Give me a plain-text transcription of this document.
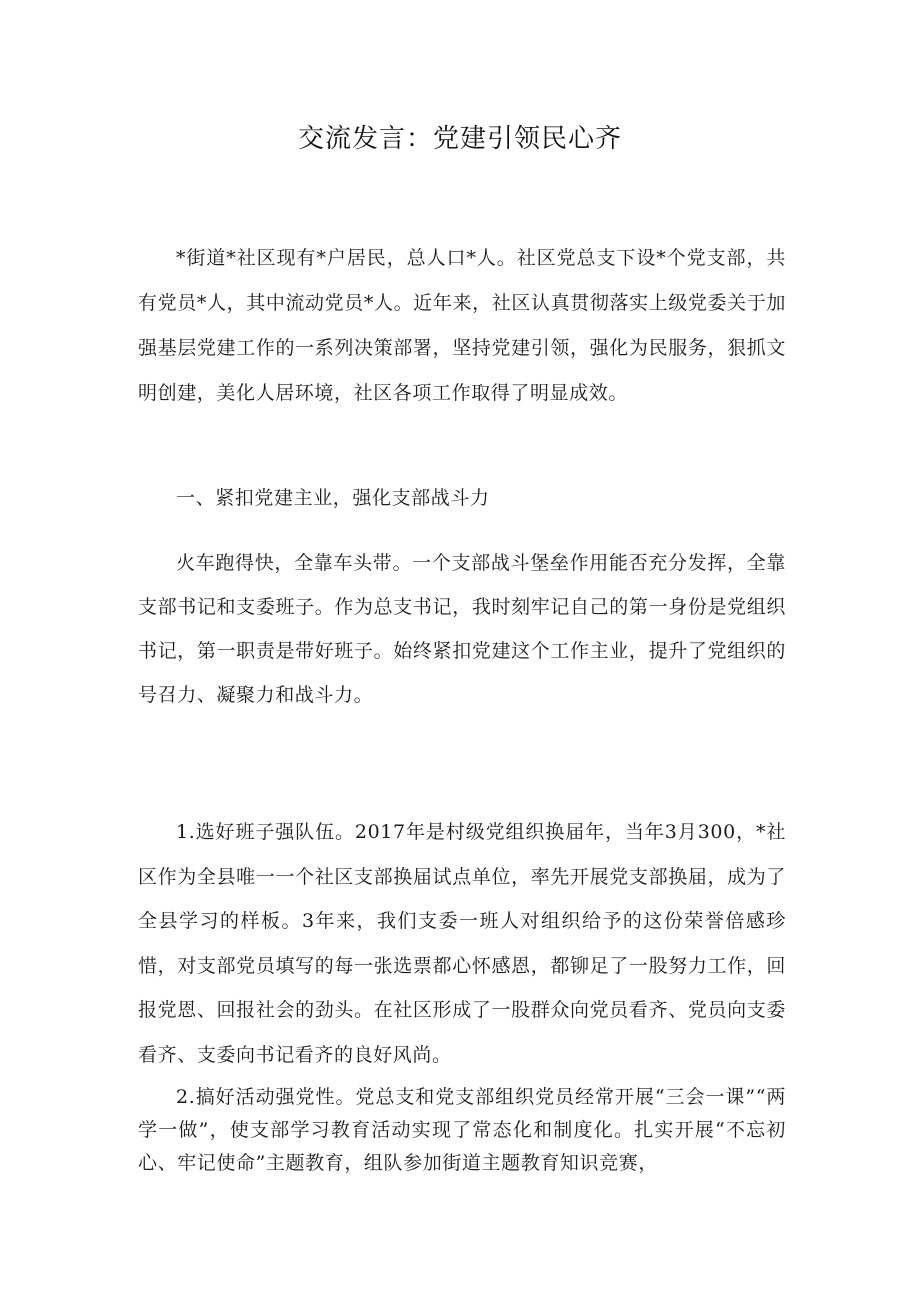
交流发言：党建引领民心齐

*街道*社区现有*户居民，总人口*人。社区党总支下设*个党支部，共有党员*人，其中流动党员*人。近年来，社区认真贯彻落实上级党委关于加强基层党建工作的一系列决策部署，坚持党建引领，强化为民服务，狠抓文明创建，美化人居环境，社区各项工作取得了明显成效。

一、紧扣党建主业，强化支部战斗力

火车跑得快，全靠车头带。一个支部战斗堡垒作用能否充分发挥，全靠支部书记和支委班子。作为总支书记，我时刻牢记自己的第一身份是党组织书记，第一职责是带好班子。始终紧扣党建这个工作主业，提升了党组织的号召力、凝聚力和战斗力。

1.选好班子强队伍。2017年是村级党组织换届年，当年3月300，*社区作为全县唯一一个社区支部换届试点单位，率先开展党支部换届，成为了全县学习的样板。3年来，我们支委一班人对组织给予的这份荣誉倍感珍惜，对支部党员填写的每一张选票都心怀感恩，都铆足了一股努力工作，回报党恩、回报社会的劲头。在社区形成了一股群众向党员看齐、党员向支委看齐、支委向书记看齐的良好风尚。

2.搞好活动强党性。党总支和党支部组织党员经常开展“三会一课”“两学一做”，使支部学习教育活动实现了常态化和制度化。扎实开展“不忘初心、牢记使命”主题教育，组队参加街道主题教育知识竞赛，
